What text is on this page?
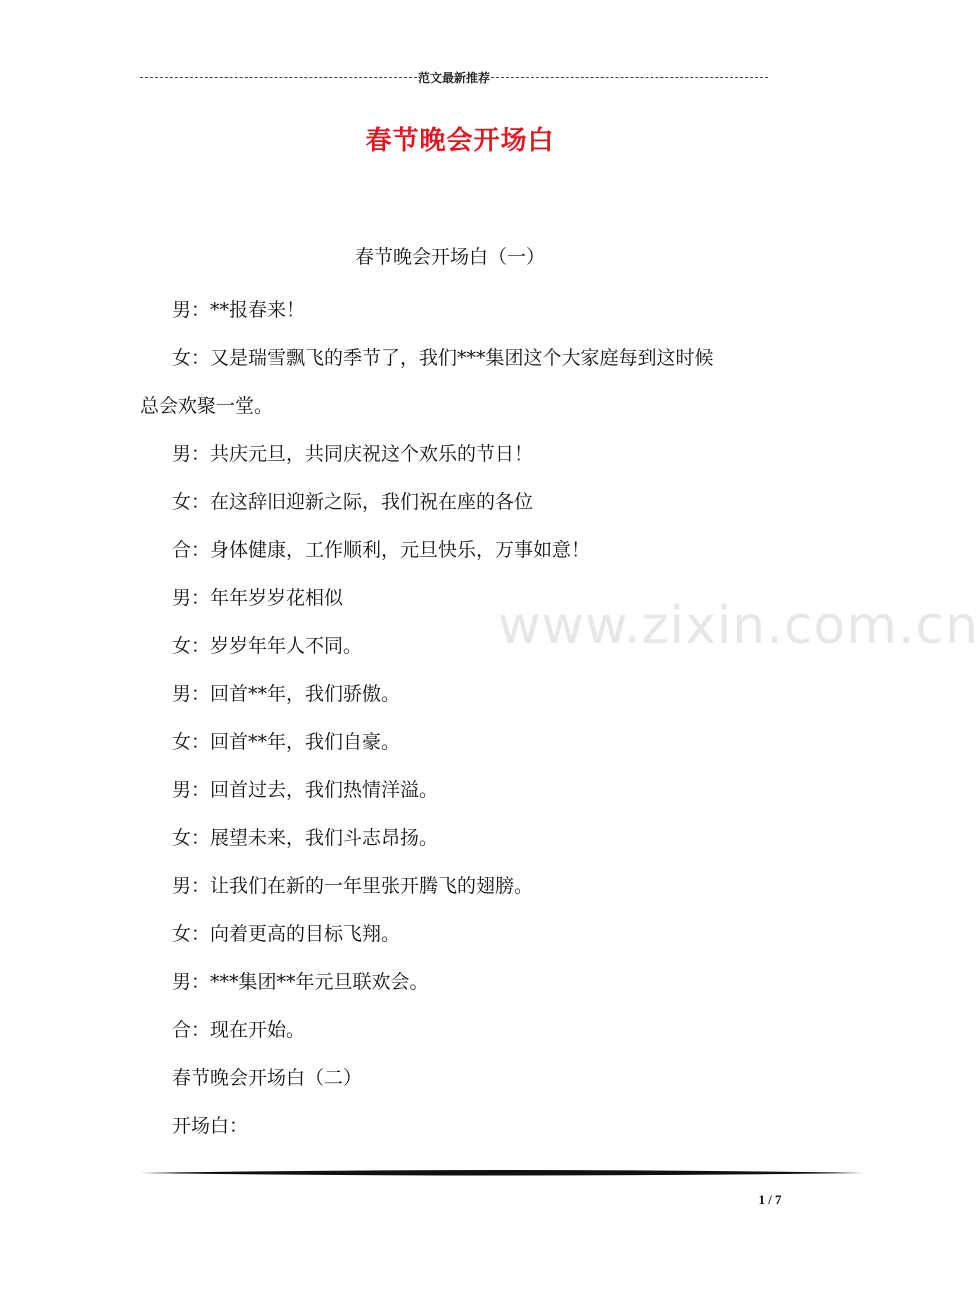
范文最新推荐
春节晚会开场白
春节晚会开场白（一）
男：**报春来！
女：又是瑞雪飘飞的季节了，我们***集团这个大家庭每到这时候
总会欢聚一堂。
男：共庆元旦，共同庆祝这个欢乐的节日！
女：在这辞旧迎新之际，我们祝在座的各位
合：身体健康，工作顺利，元旦快乐，万事如意！
男：年年岁岁花相似
女：岁岁年年人不同。
男：回首**年，我们骄傲。
女：回首**年，我们自豪。
男：回首过去，我们热情洋溢。
女：展望未来，我们斗志昂扬。
男：让我们在新的一年里张开腾飞的翅膀。
女：向着更高的目标飞翔。
男：***集团**年元旦联欢会。
合：现在开始。
春节晚会开场白（二）
开场白：
www.zixin.com.cn
1 / 7
